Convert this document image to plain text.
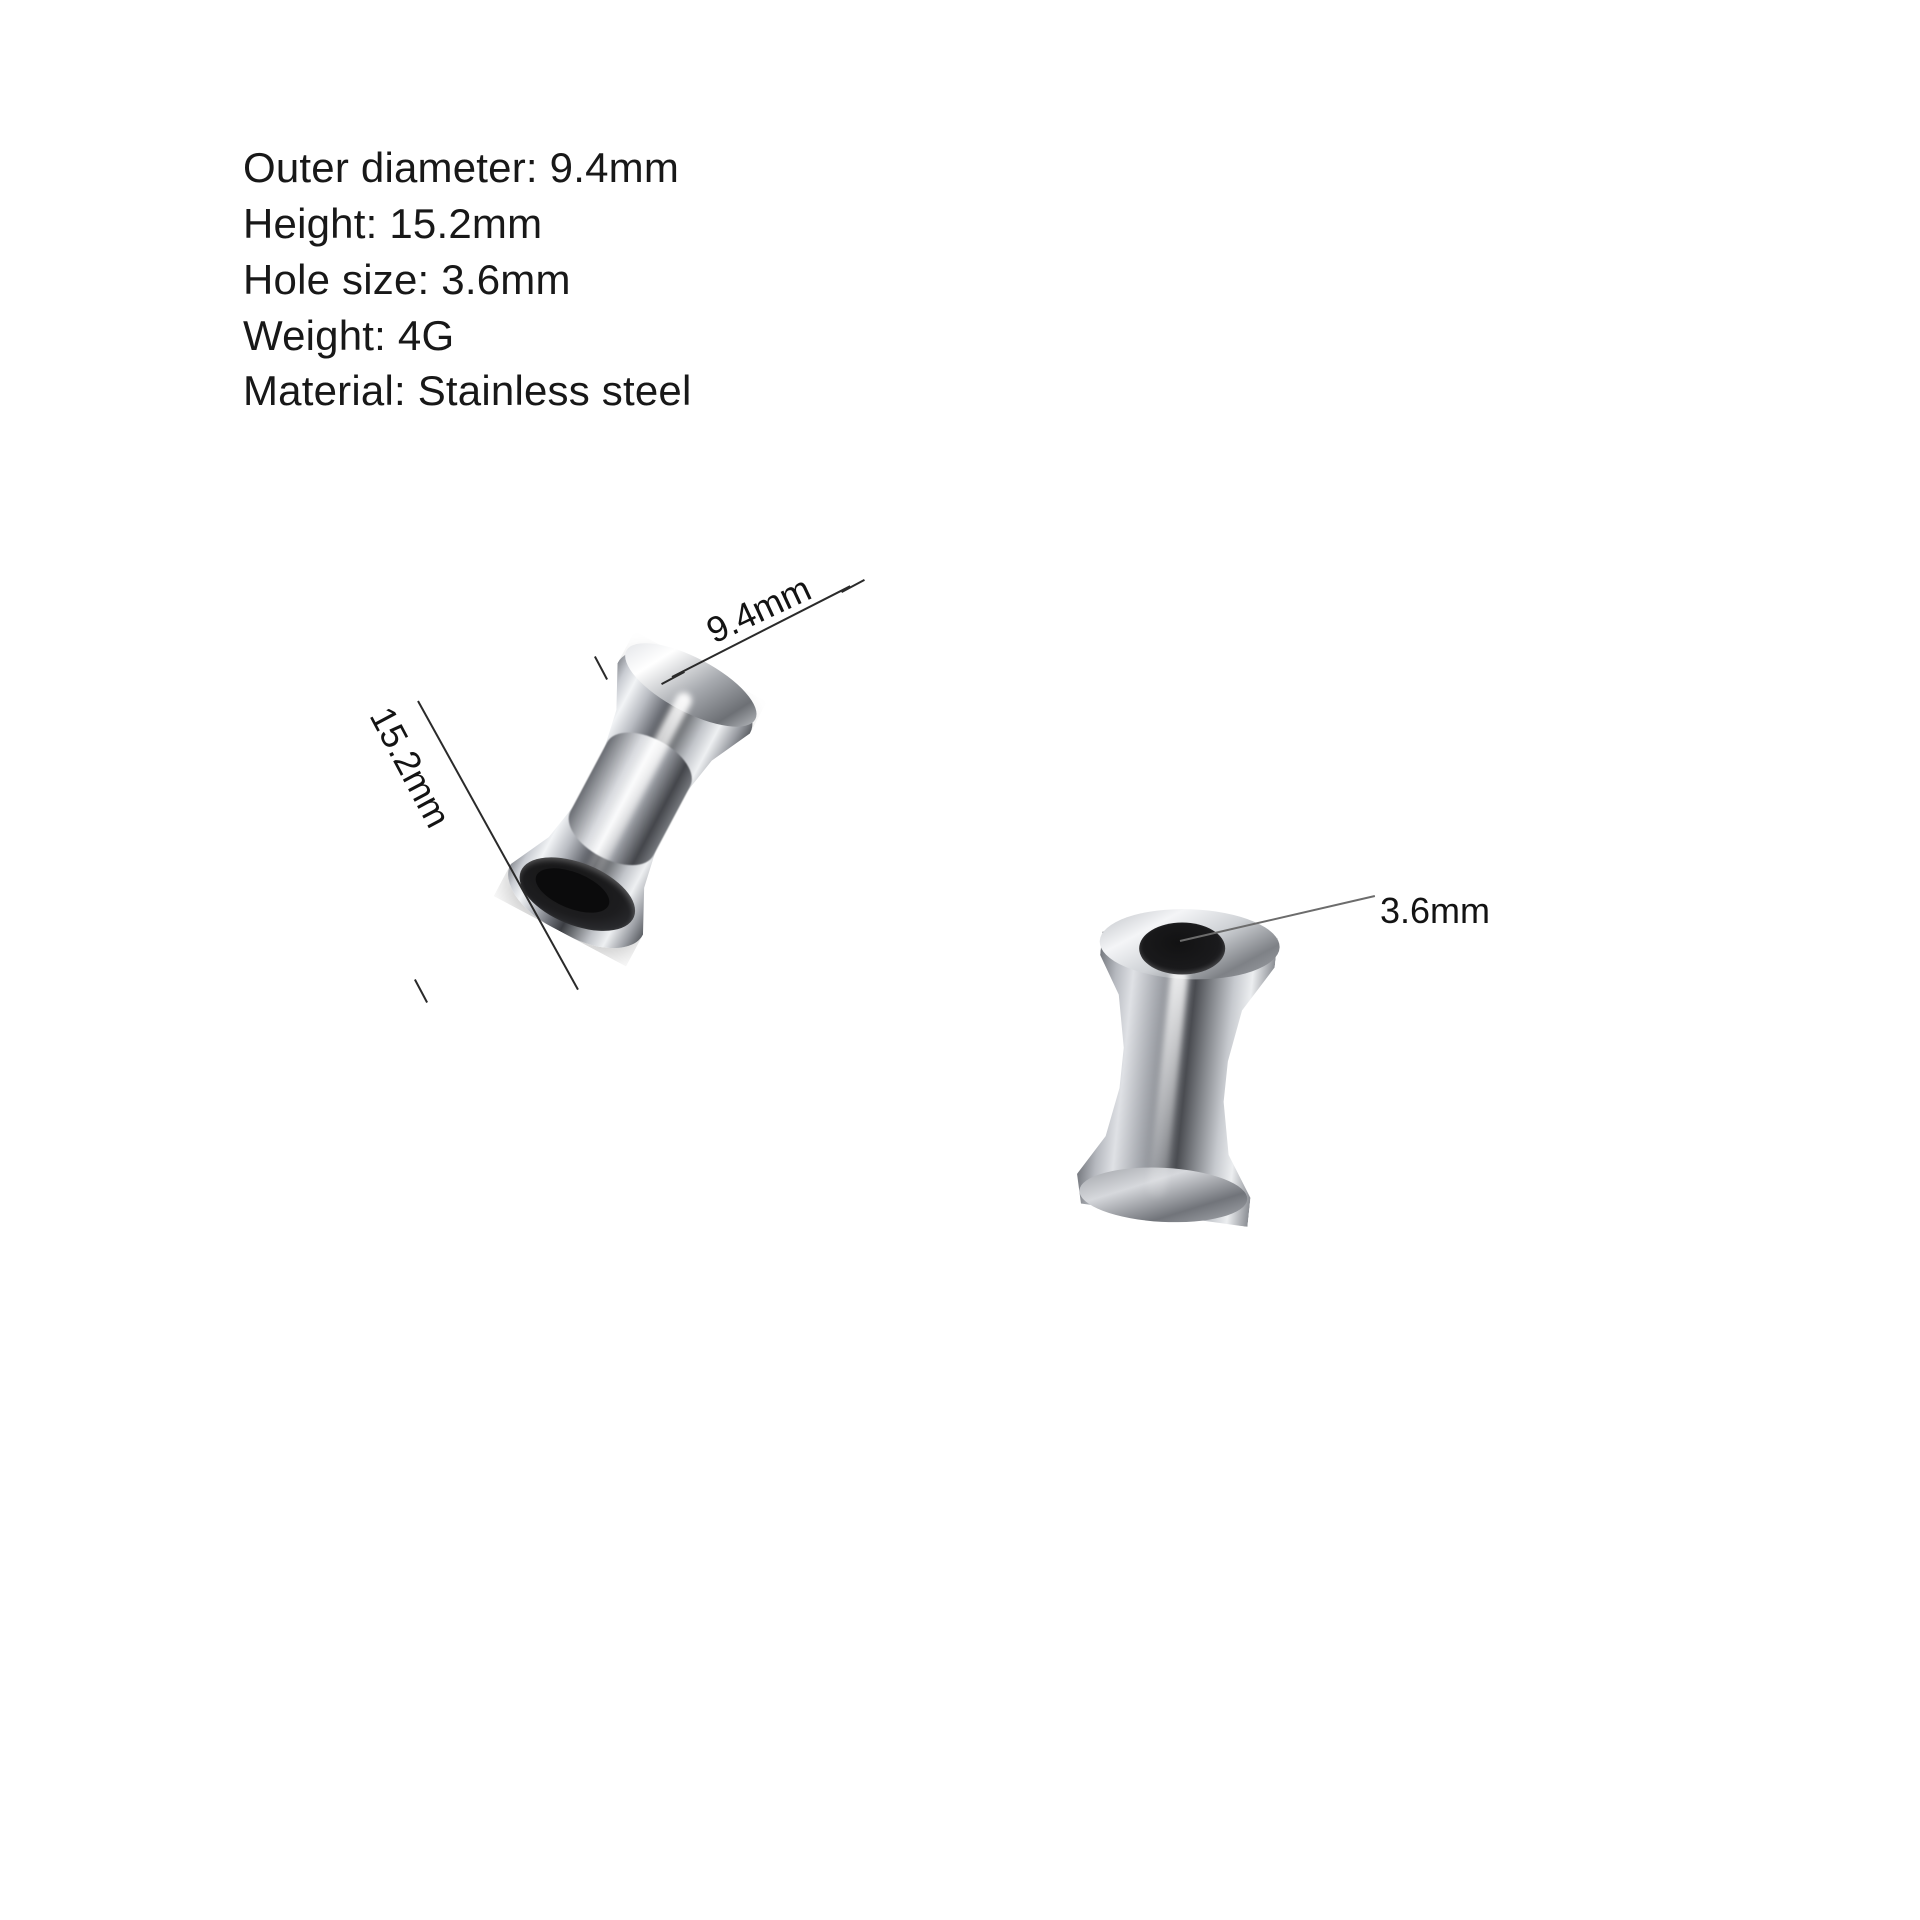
Outer diameter: 9.4mm
Height: 15.2mm
Hole size: 3.6mm
Weight: 4G
Material: Stainless steel
15.2mm
9.4mm
3.6mm
